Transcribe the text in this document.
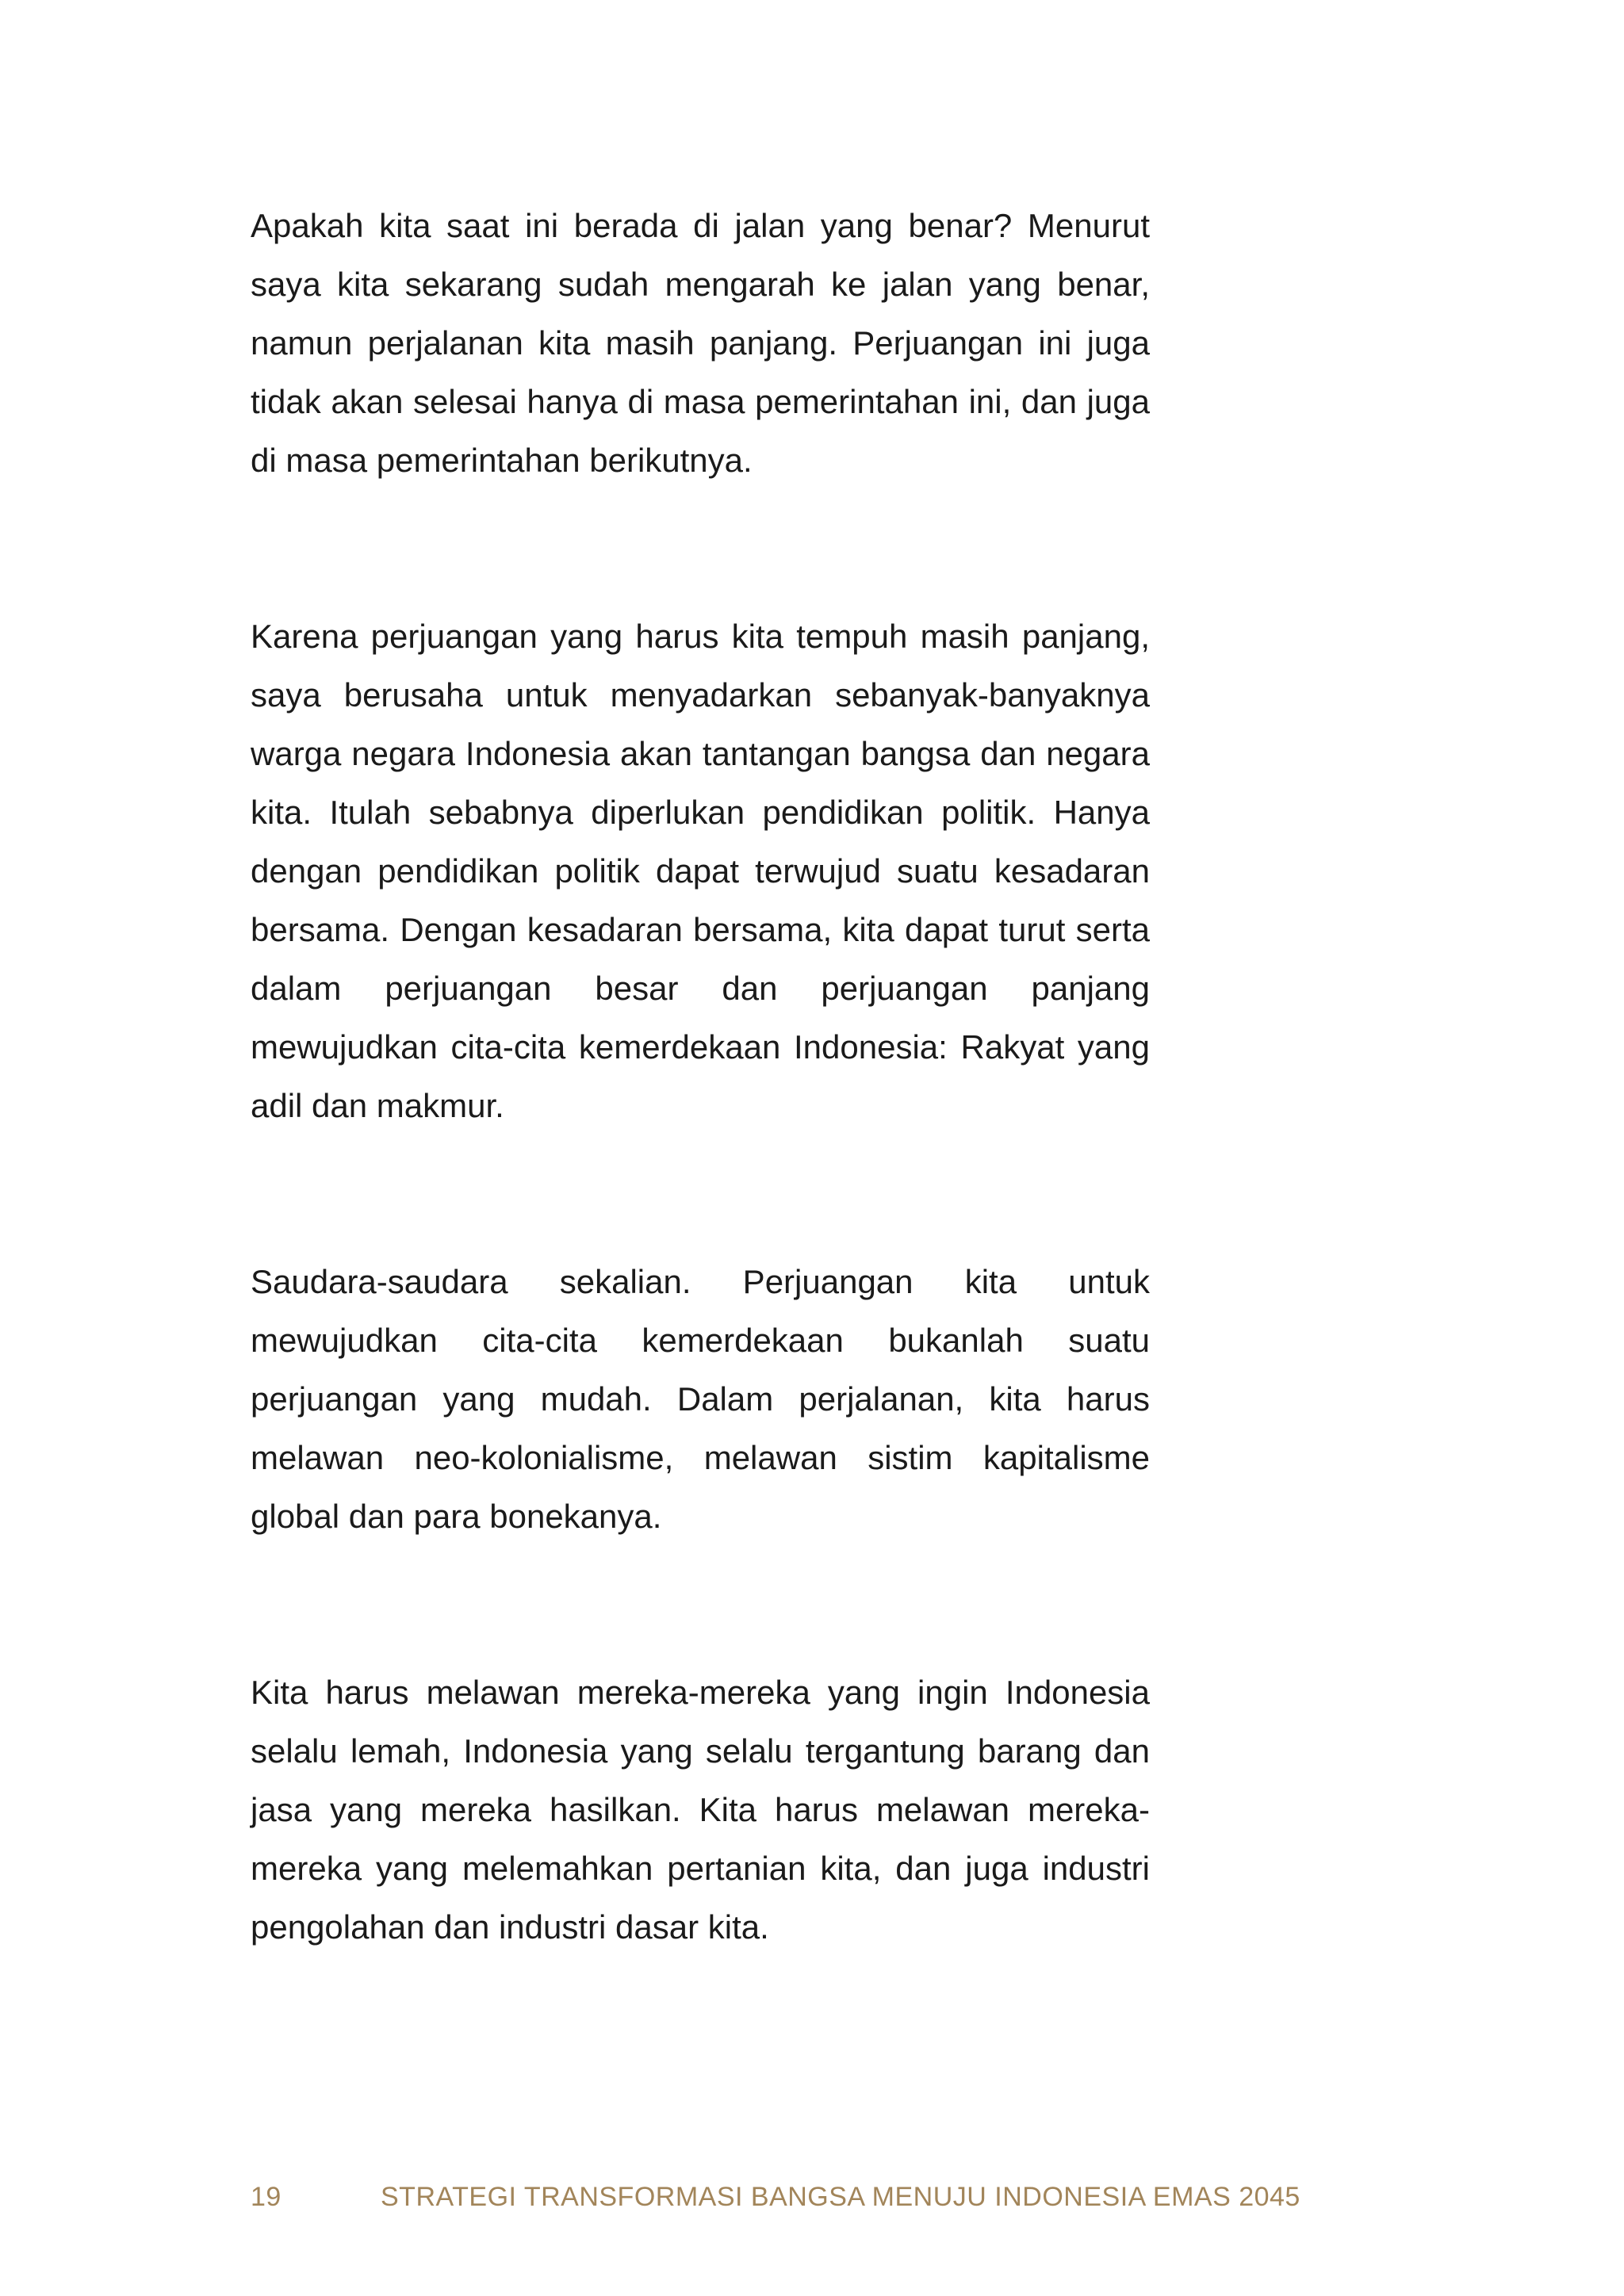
Apakah kita saat ini berada di jalan yang benar? Menurut saya kita sekarang sudah mengarah ke jalan yang benar, namun perjalanan kita masih panjang. Perjuangan ini juga tidak akan selesai hanya di masa pemerintahan ini, dan juga di masa pemerintahan berikutnya.

Karena perjuangan yang harus kita tempuh masih panjang, saya berusaha untuk menyadarkan sebanyak-banyaknya warga negara Indonesia akan tantangan bangsa dan negara kita. Itulah sebabnya diperlukan pendidikan politik. Hanya dengan pendidikan politik dapat terwujud suatu kesadaran bersama. Dengan kesadaran bersama, kita dapat turut serta dalam perjuangan besar dan perjuangan panjang mewujudkan cita-cita kemerdekaan Indonesia: Rakyat yang adil dan makmur.

Saudara-saudara sekalian. Perjuangan kita untuk mewujudkan cita-cita kemerdekaan bukanlah suatu perjuangan yang mudah. Dalam perjalanan, kita harus melawan neo-kolonialisme, melawan sistim kapitalisme global dan para bonekanya.

Kita harus melawan mereka-mereka yang ingin Indonesia selalu lemah, Indonesia yang selalu tergantung barang dan jasa yang mereka hasilkan. Kita harus melawan mereka-mereka yang melemahkan pertanian kita, dan juga industri pengolahan dan industri dasar kita.

19	STRATEGI TRANSFORMASI BANGSA MENUJU INDONESIA EMAS 2045
